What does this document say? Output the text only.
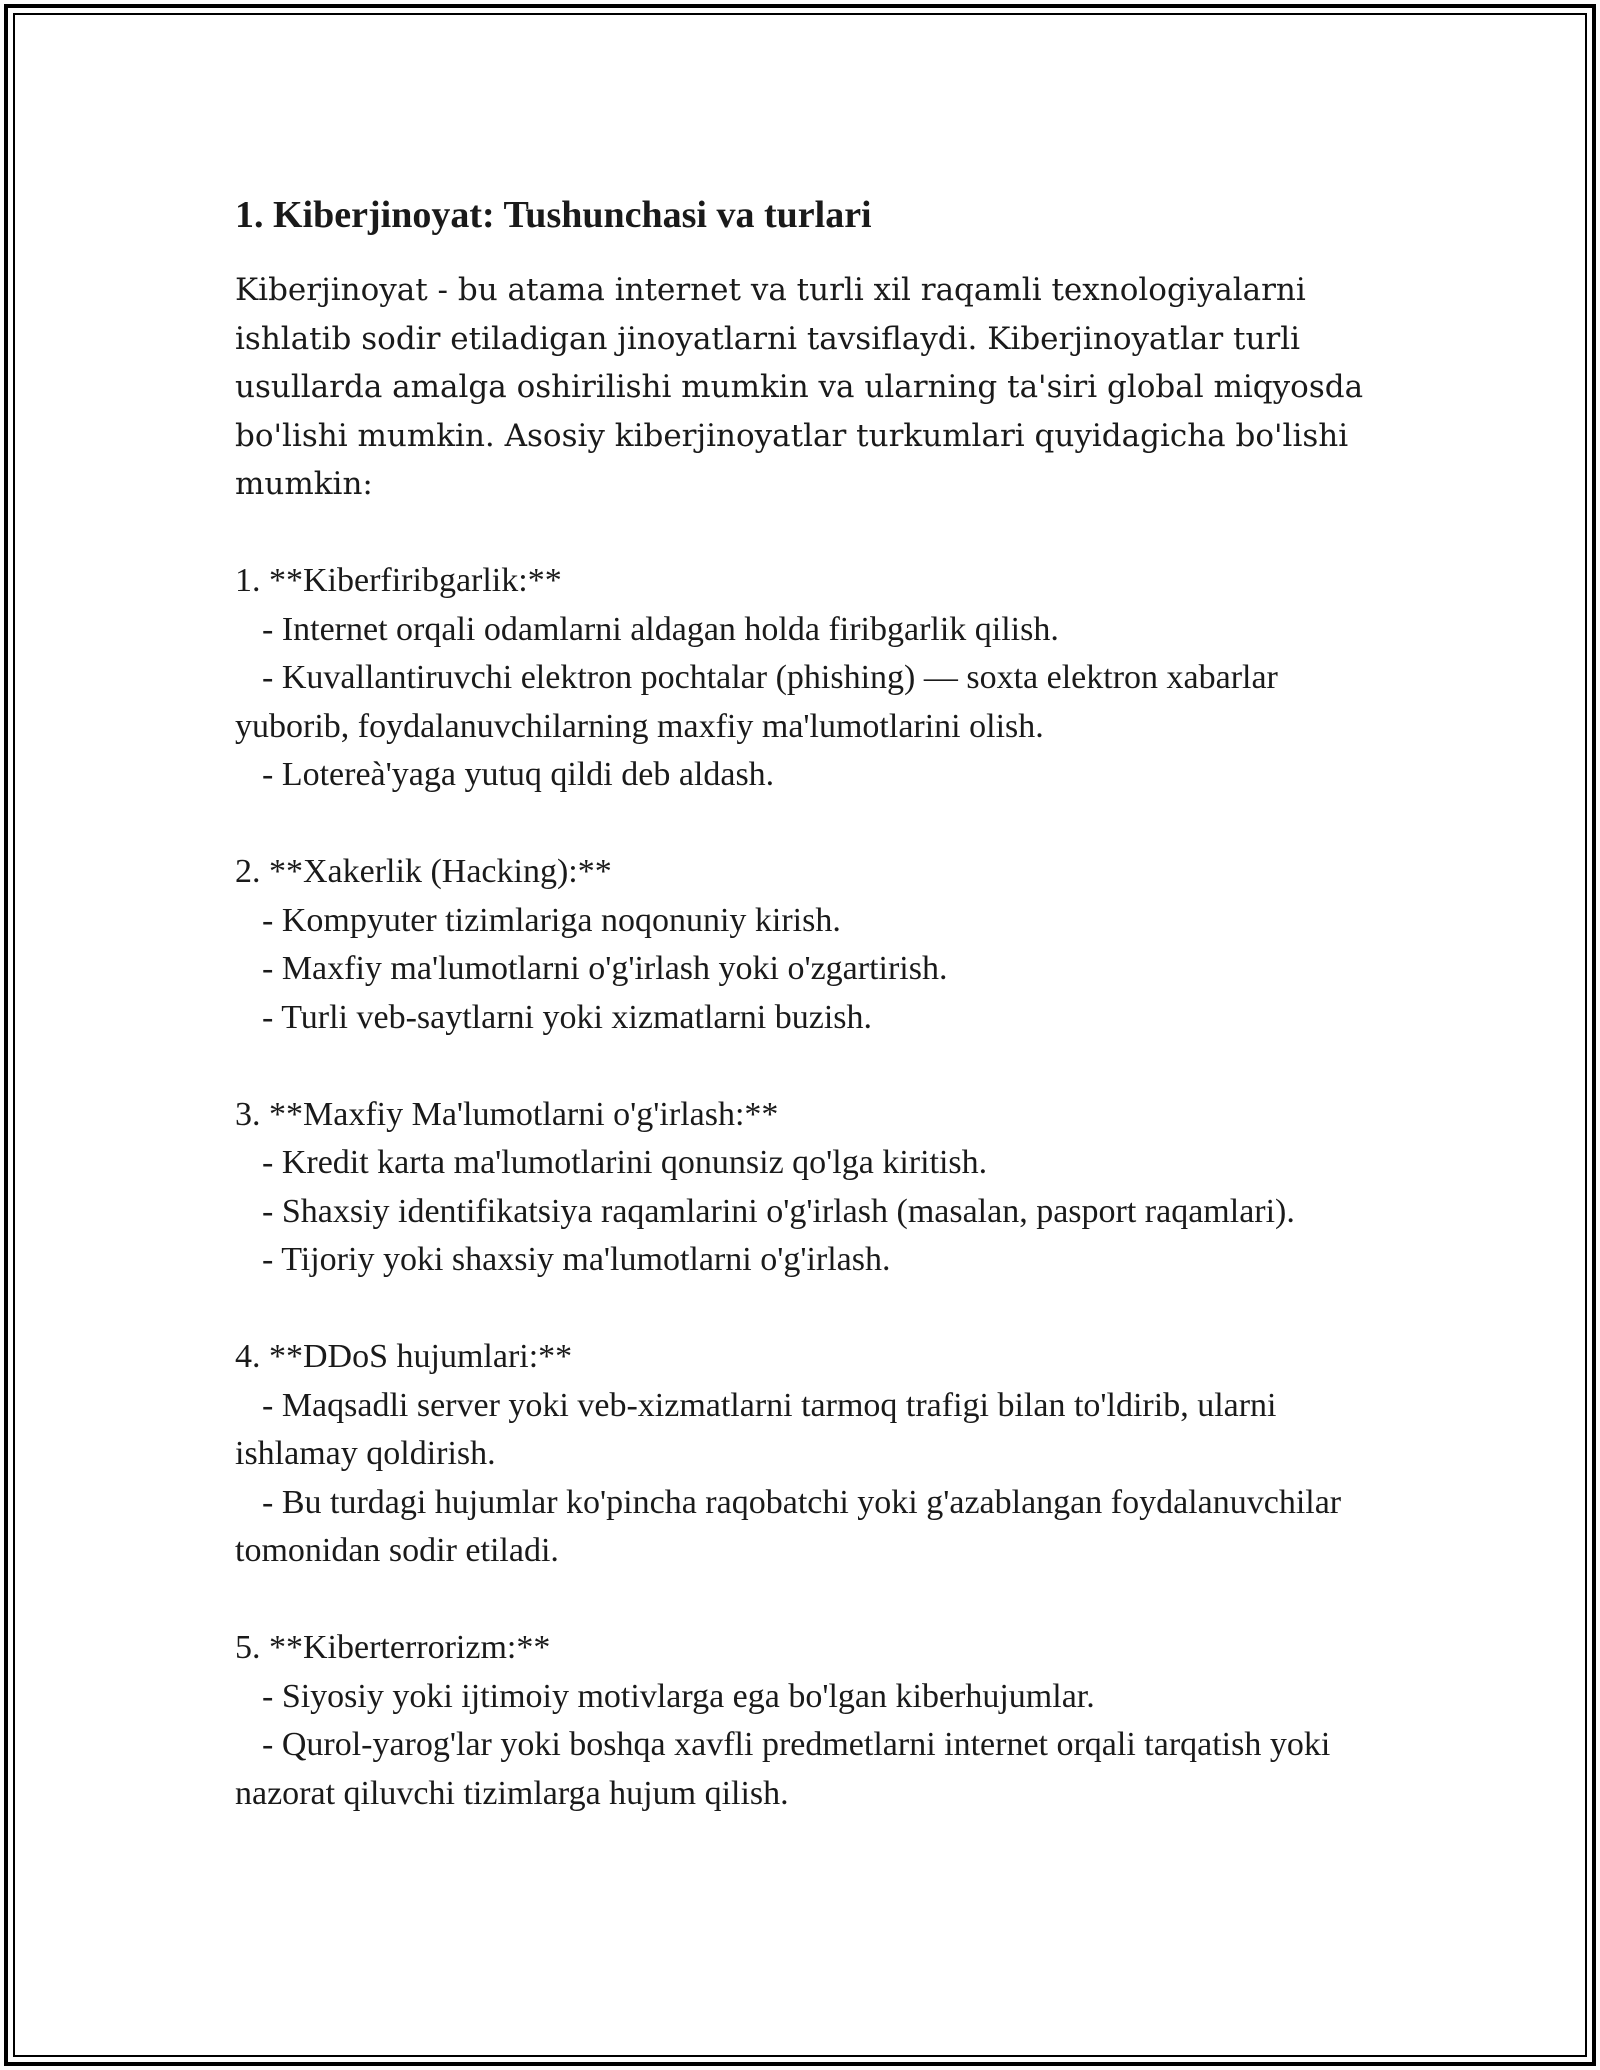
1. Kiberjinoyat: Tushunchasi va turlari

Kiberjinoyat - bu atama internet va turli xil raqamli texnologiyalarni ishlatib sodir etiladigan jinoyatlarni tavsiflaydi. Kiberjinoyatlar turli usullarda amalga oshirilishi mumkin va ularning ta'siri global miqyosda bo'lishi mumkin. Asosiy kiberjinoyatlar turkumlari quyidagicha bo'lishi mumkin:

1. **Kiberfiribgarlik:**

- Internet orqali odamlarni aldagan holda firibgarlik qilish.

- Kuvallantiruvchi elektron pochtalar (phishing) — soxta elektron xabarlar yuborib, foydalanuvchilarning maxfiy ma'lumotlarini olish.

- Lotereà'yaga yutuq qildi deb aldash.

2. **Xakerlik (Hacking):**

- Kompyuter tizimlariga noqonuniy kirish.

- Maxfiy ma'lumotlarni o'g'irlash yoki o'zgartirish.

- Turli veb-saytlarni yoki xizmatlarni buzish.

3. **Maxfiy Ma'lumotlarni o'g'irlash:**

- Kredit karta ma'lumotlarini qonunsiz qo'lga kiritish.

- Shaxsiy identifikatsiya raqamlarini o'g'irlash (masalan, pasport raqamlari).

- Tijoriy yoki shaxsiy ma'lumotlarni o'g'irlash.

4. **DDoS hujumlari:**

- Maqsadli server yoki veb-xizmatlarni tarmoq trafigi bilan to'ldirib, ularni ishlamay qoldirish.

- Bu turdagi hujumlar ko'pincha raqobatchi yoki g'azablangan foydalanuvchilar tomonidan sodir etiladi.

5. **Kiberterrorizm:**

- Siyosiy yoki ijtimoiy motivlarga ega bo'lgan kiberhujumlar.

- Qurol-yarog'lar yoki boshqa xavfli predmetlarni internet orqali tarqatish yoki nazorat qiluvchi tizimlarga hujum qilish.
